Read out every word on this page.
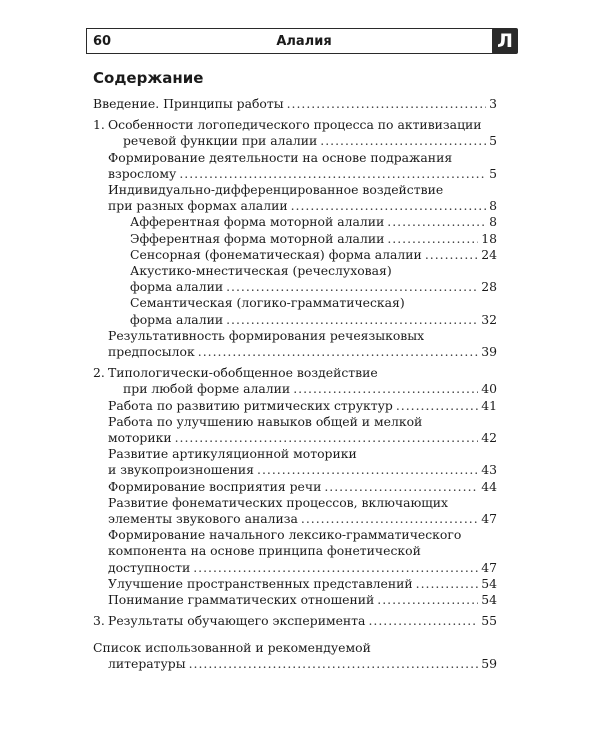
60	Алалия	Л
Содержание
Введение. Принципы работы .....	3
1. Особенности логопедического процесса по активизации
речевой функции при алалии .....	5
Формирование деятельности на основе подражания
взрослому .....	5
Индивидуально-дифференцированное воздействие
при разных формах алалии .....	8
Афферентная форма моторной алалии .....	8
Эфферентная форма моторной алалии .....	18
Сенсорная (фонематическая) форма алалии .....	24
Акустико-мнестическая (речеслуховая)
форма алалии .....	28
Семантическая (логико-грамматическая)
форма алалии .....	32
Результативность формирования речеязыковых
предпосылок .....	39
2. Типологически-обобщенное воздействие
при любой форме алалии .....	40
Работа по развитию ритмических структур .....	41
Работа по улучшению навыков общей и мелкой
моторики .....	42
Развитие артикуляционной моторики
и звукопроизношения .....	43
Формирование восприятия речи .....	44
Развитие фонематических процессов, включающих
элементы звукового анализа .....	47
Формирование начального лексико-грамматического
компонента на основе принципа фонетической
доступности .....	47
Улучшение пространственных представлений .....	54
Понимание грамматических отношений .....	54
3. Результаты обучающего эксперимента .....	55
Список использованной и рекомендуемой
литературы .....	59
